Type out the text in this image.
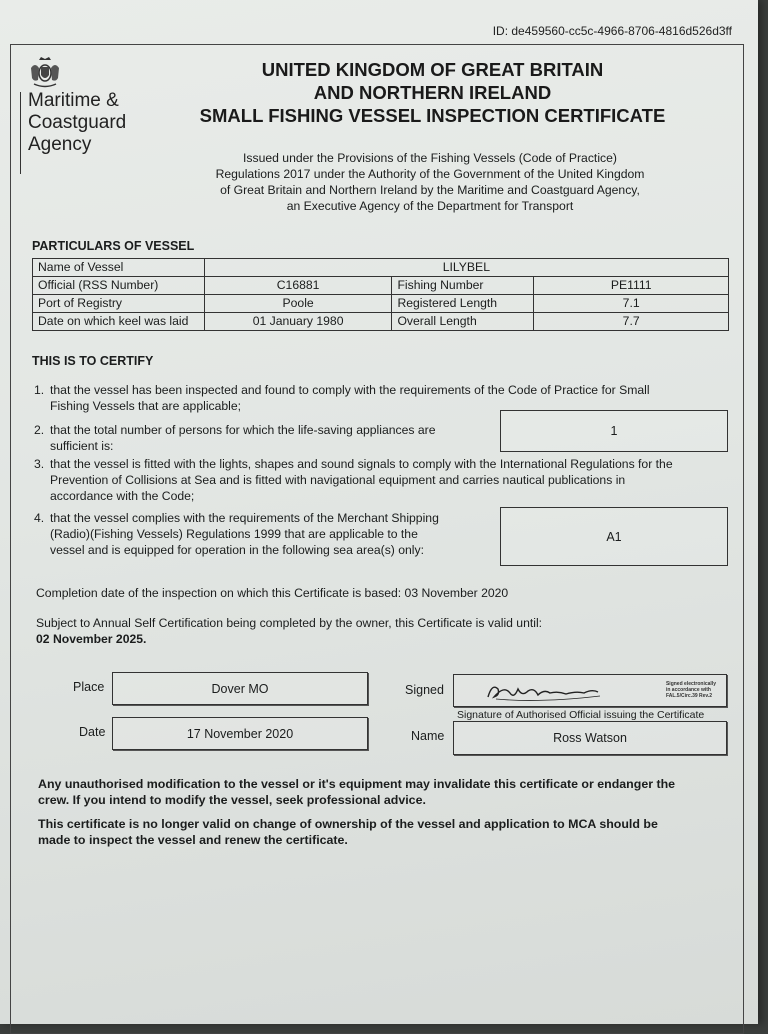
ID: de459560-cc5c-4966-8706-4816d526d3ff
Maritime &
Coastguard
Agency
UNITED KINGDOM OF GREAT BRITAIN
AND NORTHERN IRELAND
SMALL FISHING VESSEL INSPECTION CERTIFICATE
Issued under the Provisions of the Fishing Vessels (Code of Practice)
Regulations 2017 under the Authority of the Government of the United Kingdom
of Great Britain and Northern Ireland by the Maritime and Coastguard Agency,
an Executive Agency of the Department for Transport
PARTICULARS OF VESSEL
Name of Vessel	LILYBEL		
Official (RSS Number)	C16881	Fishing Number	PE1111
Port of Registry	Poole	Registered Length	7.1
Date on which keel was laid	01 January 1980	Overall Length	7.7
THIS IS TO CERTIFY
1. that the vessel has been inspected and found to comply with the requirements of the Code of Practice for Small
Fishing Vessels that are applicable;
2. that the total number of persons for which the life-saving appliances are
sufficient is:
1
3. that the vessel is fitted with the lights, shapes and sound signals to comply with the International Regulations for the
Prevention of Collisions at Sea and is fitted with navigational equipment and carries nautical publications in
accordance with the Code;
4. that the vessel complies with the requirements of the Merchant Shipping
(Radio)(Fishing Vessels) Regulations 1999 that are applicable to the
vessel and is equipped for operation in the following sea area(s) only:
A1
Completion date of the inspection on which this Certificate is based: 03 November 2020
Subject to Annual Self Certification being completed by the owner, this Certificate is valid until:
02 November 2025.
Place	Dover MO	Signed	Signed electronically
in accordance with
FAL.5/Circ.39 Rev.2
Signature of Authorised Official issuing the Certificate
Date	17 November 2020	Name	Ross Watson
Any unauthorised modification to the vessel or it's equipment may invalidate this certificate or endanger the
crew. If you intend to modify the vessel, seek professional advice.
This certificate is no longer valid on change of ownership of the vessel and application to MCA should be
made to inspect the vessel and renew the certificate.
